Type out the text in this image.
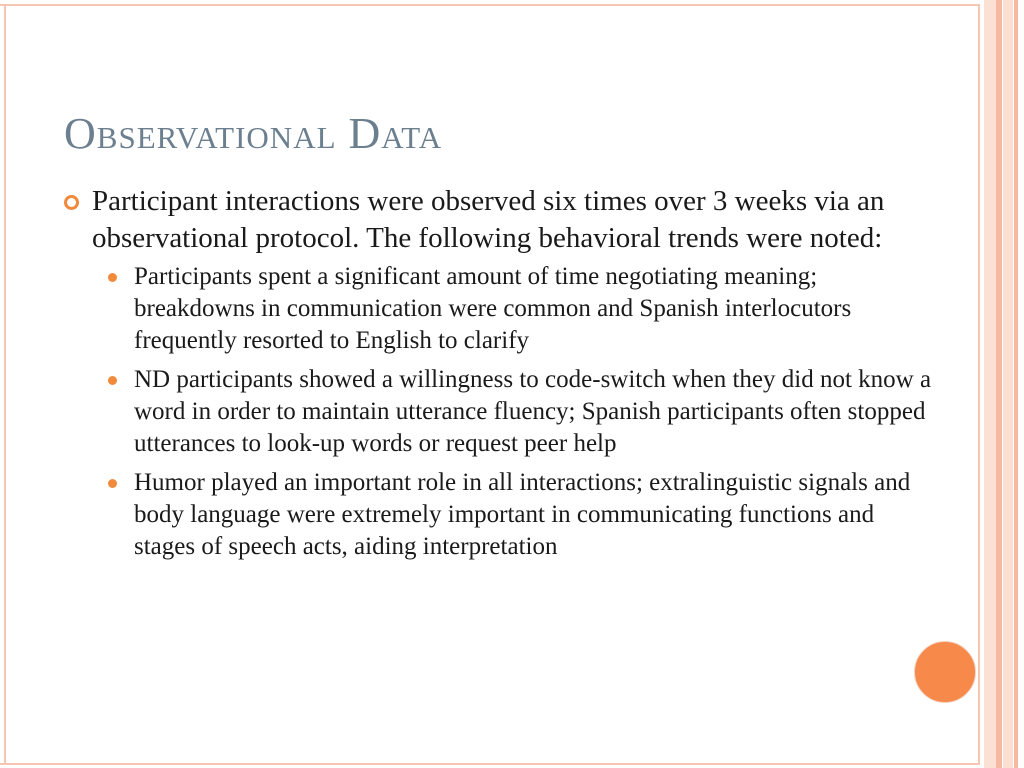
Observational Data
Participant interactions were observed six times over 3 weeks via an observational protocol. The following behavioral trends were noted:
Participants spent a significant amount of time negotiating meaning; breakdowns in communication were common and Spanish interlocutors frequently resorted to English to clarify
ND participants showed a willingness to code-switch when they did not know a word in order to maintain utterance fluency; Spanish participants often stopped utterances to look-up words or request peer help
Humor played an important role in all interactions; extralinguistic signals and body language were extremely important in communicating functions and stages of speech acts, aiding interpretation
